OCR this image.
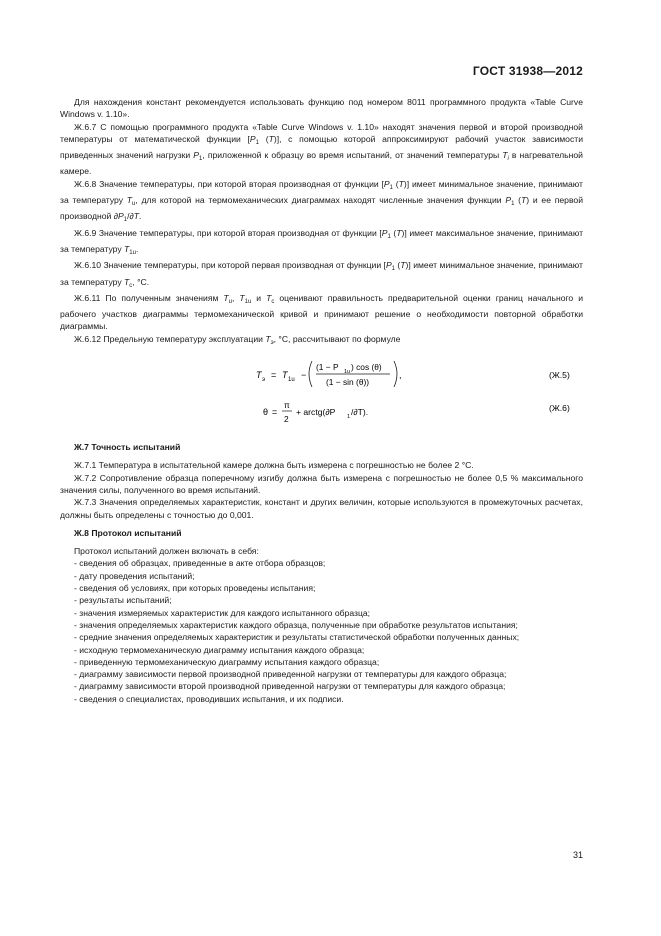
ГОСТ 31938—2012

Для нахождения констант рекомендуется использовать функцию под номером 8011 программного продукта «Table Curve Windows v. 1.10».

Ж.6.7 С помощью программного продукта «Table Curve Windows v. 1.10» находят значения первой и второй производной температуры от математической функции [$P_1$ (T)], с помощью которой аппроксимируют рабочий участок зависимости приведенных значений нагрузки $P_1$, приложенной к образцу во время испытаний, от значений температуры $T_i$ в нагревательной камере.

Ж.6.8 Значение температуры, при которой вторая производная от функции [$P_1$ (T)] имеет минимальное значение, принимают за температуру $T_u$, для которой на термомеханических диаграммах находят численные значения функции $P_1$ (T) и ее первой производной $\partial P_1/\partial T$.

Ж.6.9 Значение температуры, при которой вторая производная от функции [$P_1$ (T)] имеет максимальное значение, принимают за температуру $T_{1u}$.

Ж.6.10 Значение температуры, при которой первая производная от функции [$P_1$ (T)] имеет минимальное значение, принимают за температуру $T_c$, °С.

Ж.6.11 По полученным значениям $T_u$, $T_{1u}$ и $T_c$ оценивают правильность предварительной оценки границ начального и рабочего участков диаграммы термомеханической кривой и принимают решение о необходимости повторной обработки диаграммы.

Ж.6.12 Предельную температуру эксплуатации $T_э$, °С, рассчитывают по формуле

T э = T 1u −
(1 − P 1u ) cos (θ)
(1 − sin (θ))
,	(Ж.5)
θ =
π
2
+ arctg(∂P 1 /∂T).	(Ж.6)

Ж.7 Точность испытаний

Ж.7.1 Температура в испытательной камере должна быть измерена с погрешностью не более 2 °С.

Ж.7.2 Сопротивление образца поперечному изгибу должна быть измерена с погрешностью не более 0,5 % максимального значения силы, полученного во время испытаний.

Ж.7.3 Значения определяемых характеристик, констант и других величин, которые используются в промежуточных расчетах, должны быть определены с точностью до 0,001.

Ж.8 Протокол испытаний

Протокол испытаний должен включать в себя:

- сведения об образцах, приведенные в акте отбора образцов;

- дату проведения испытаний;

- сведения об условиях, при которых проведены испытания;

- результаты испытаний;

- значения измеряемых характеристик для каждого испытанного образца;

- значения определяемых характеристик каждого образца, полученные при обработке результатов испытания;

- средние значения определяемых характеристик и результаты статистической обработки полученных данных;

- исходную термомеханическую диаграмму испытания каждого образца;

- приведенную термомеханическую диаграмму испытания каждого образца;

- диаграмму зависимости первой производной приведенной нагрузки от температуры для каждого образца;

- диаграмму зависимости второй производной приведенной нагрузки от температуры для каждого образца;

- сведения о специалистах, проводивших испытания, и их подписи.

31
